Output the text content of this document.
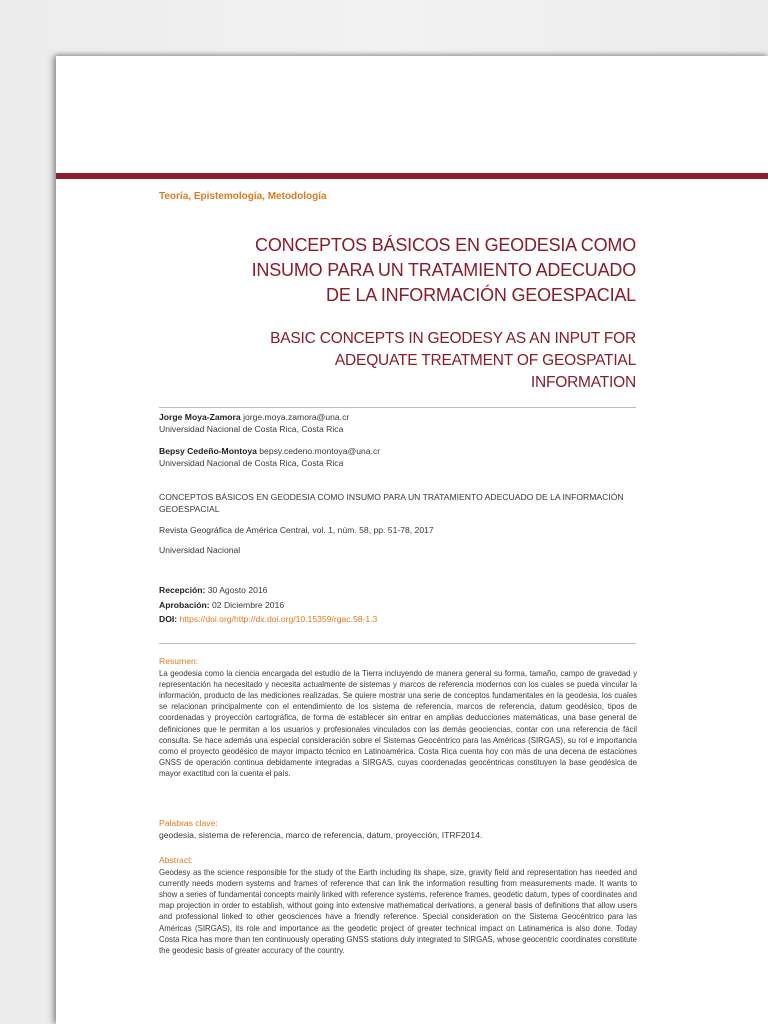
Teoría, Epistemología, Metodología
CONCEPTOS BÁSICOS EN GEODESIA COMO
INSUMO PARA UN TRATAMIENTO ADECUADO
DE LA INFORMACIÓN GEOESPACIAL
BASIC CONCEPTS IN GEODESY AS AN INPUT FOR
ADEQUATE TREATMENT OF GEOSPATIAL
INFORMATION
Jorge Moya-Zamora jorge.moya.zamora@una.cr
Universidad Nacional de Costa Rica, Costa Rica
Bepsy Cedeño-Montoya bepsy.cedeno.montoya@una.cr
Universidad Nacional de Costa Rica, Costa Rica
CONCEPTOS BÁSICOS EN GEODESIA COMO INSUMO PARA UN TRATAMIENTO ADECUADO DE LA INFORMACIÓN GEOESPACIAL
Revista Geográfica de América Central, vol. 1, núm. 58, pp. 51-78, 2017
Universidad Nacional
Recepción: 30 Agosto 2016
Aprobación: 02 Diciembre 2016
DOI: https://doi.org/http://dx.doi.org/10.15359/rgac.58-1.3
Resumen:
La geodesia como la ciencia encargada del estudio de la Tierra incluyendo de manera general su forma, tamaño, campo de gravedad y representación ha necesitado y necesita actualmente de sistemas y marcos de referencia modernos con los cuales se pueda vincular la información, producto de las mediciones realizadas. Se quiere mostrar una serie de conceptos fundamentales en la geodesia, los cuales se relacionan principalmente con el entendimiento de los sistema de referencia, marcos de referencia, datum geodésico, tipos de coordenadas y proyección cartográfica, de forma de establecer sin entrar en amplias deducciones matemáticas, una base general de definiciones que le permitan a los usuarios y profesionales vinculados con las demás geociencias, contar con una referencia de fácil consulta. Se hace además una especial consideración sobre el Sistemas Geocéntrico para las Américas (SIRGAS), su rol e importancia como el proyecto geodésico de mayor impacto técnico en Latinoamérica. Costa Rica cuenta hoy con más de una decena de estaciones GNSS de operación continua debidamente integradas a SIRGAS, cuyas coordenadas geocéntricas constituyen la base geodésica de mayor exactitud con la cuenta el país.
Palabras clave:
geodesia, sistema de referencia, marco de referencia, datum, proyección, ITRF2014.
Abstract:
Geodesy as the science responsible for the study of the Earth including its shape, size, gravity field and representation has needed and currently needs modern systems and frames of reference that can link the information resulting from measurements made. It wants to show a series of fundamental concepts mainly linked with reference systems, reference frames, geodetic datum, types of coordinates and map projection in order to establish, without going into extensive mathematical derivations, a general basis of definitions that allow users and professional linked to other geosciences have a friendly reference. Special consideration on the Sistema Geocéntrico para las Américas (SIRGAS), its role and importance as the geodetic project of greater technical impact on Latinamerica is also done. Today Costa Rica has more than ten continuously operating GNSS stations duly integrated to SIRGAS, whose geocentric coordinates constitute the geodesic basis of greater accuracy of the country.
